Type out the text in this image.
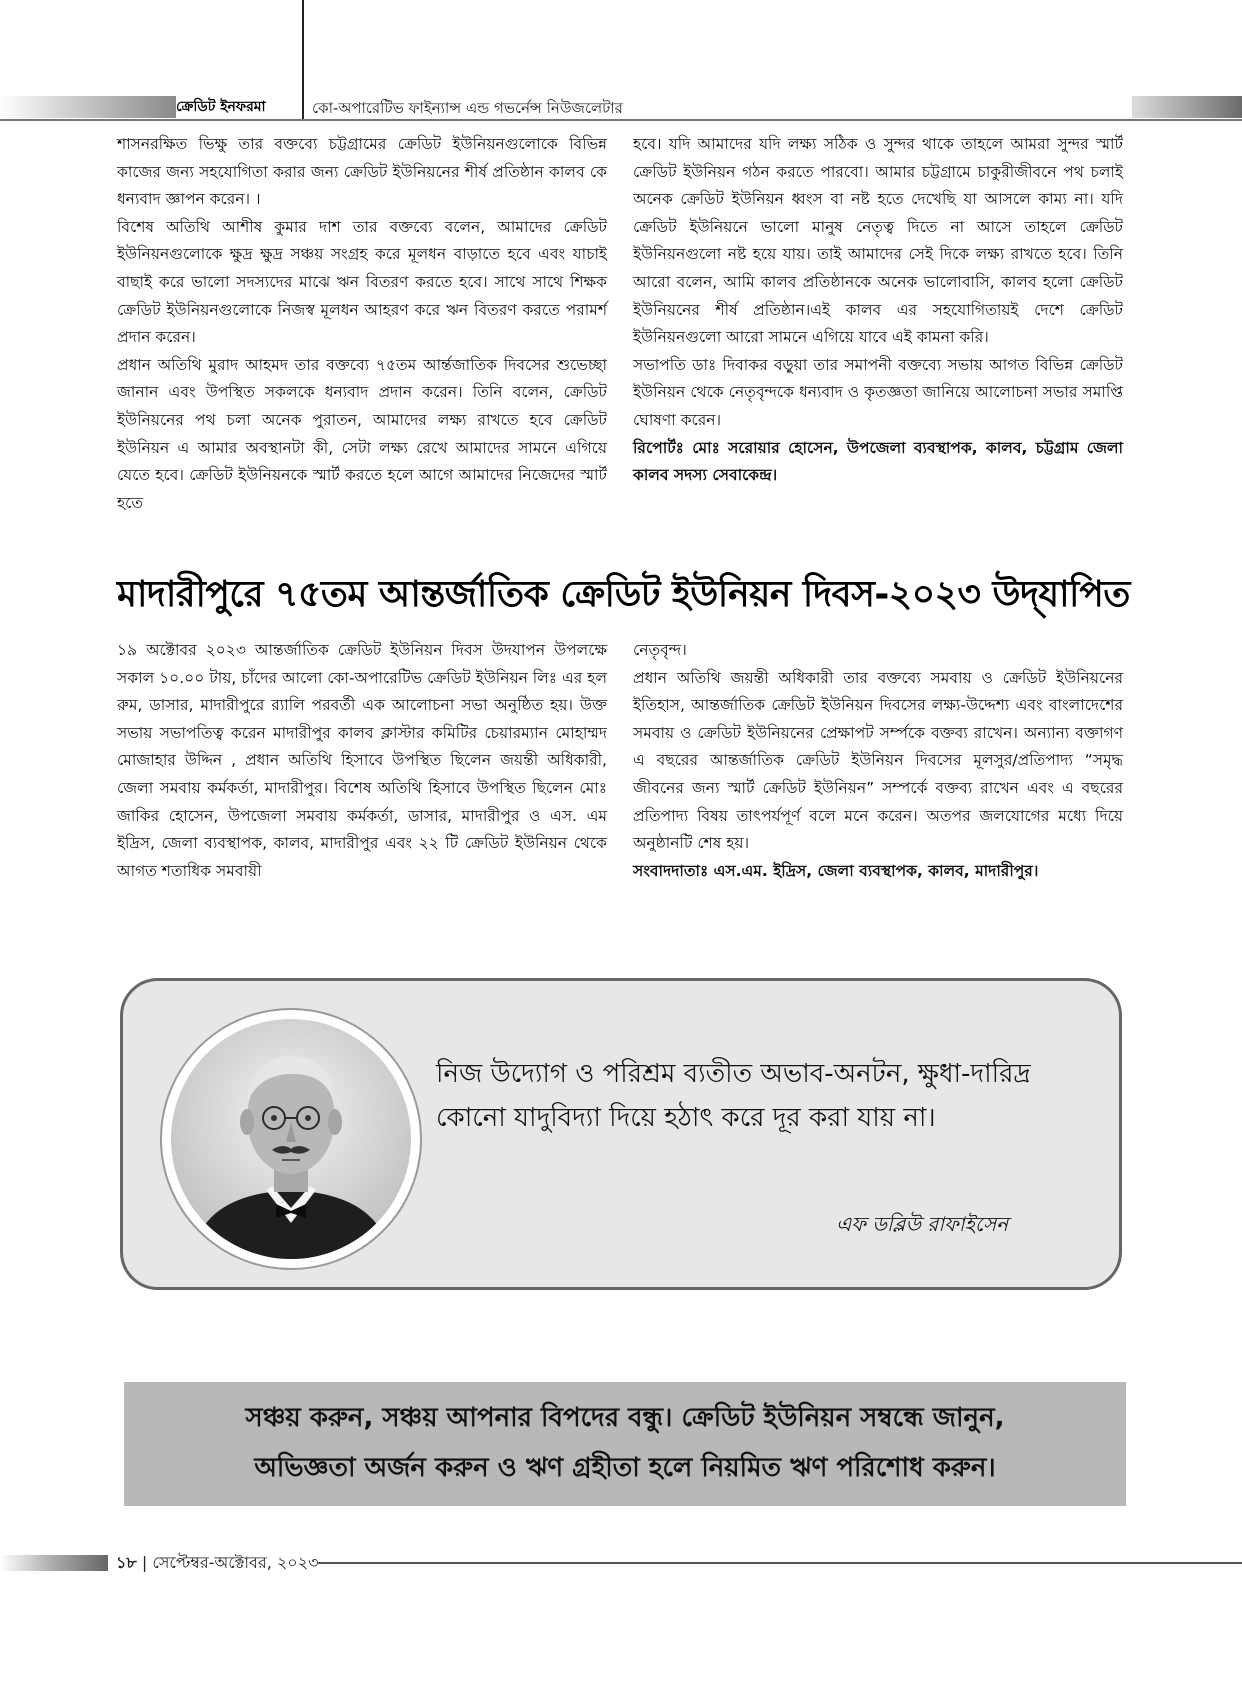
ক্রেডিট ইনফরমা	কো-অপারেটিভ ফাইন্যান্স এন্ড গভর্নেন্স নিউজলেটার

শাসনরক্ষিত ভিক্ষু তার বক্তব্যে চট্টগ্রামের ক্রেডিট ইউনিয়নগুলোকে বিভিন্ন কাজের জন্য সহযোগিতা করার জন্য ক্রেডিট ইউনিয়নের শীর্ষ প্রতিষ্ঠান কালব কে ধন্যবাদ জ্ঞাপন করেন। ।

বিশেষ অতিথি আশীষ কুমার দাশ তার বক্তব্যে বলেন, আমাদের ক্রেডিট ইউনিয়নগুলোকে ক্ষুদ্র ক্ষুদ্র সঞ্চয় সংগ্রহ করে মূলধন বাড়াতে হবে এবং যাচাই বাছাই করে ভালো সদস্যদের মাঝে ঋন বিতরণ করতে হবে। সাথে সাথে শিক্ষক ক্রেডিট ইউনিয়নগুলোকে নিজস্ব মূলধন আহরণ করে ঋন বিতরণ করতে পরামর্শ প্রদান করেন।

প্রধান অতিথি মুরাদ আহমদ তার বক্তব্যে ৭৫তম আর্ন্তজাতিক দিবসের শুভেচ্ছা জানান এবং উপস্থিত সকলকে ধন্যবাদ প্রদান করেন। তিনি বলেন, ক্রেডিট ইউনিয়নের পথ চলা অনেক পুরাতন, আমাদের লক্ষ্য রাখতে হবে ক্রেডিট ইউনিয়ন এ আমার অবস্থানটা কী, সেটা লক্ষ্য রেখে আমাদের সামনে এগিয়ে যেতে হবে। ক্রেডিট ইউনিয়নকে স্মার্ট করতে হলে আগে আমাদের নিজেদের স্মার্ট হতে

হবে। যদি আমাদের যদি লক্ষ্য সঠিক ও সুন্দর থাকে তাহলে আমরা সুন্দর স্মার্ট ক্রেডিট ইউনিয়ন গঠন করতে পারবো। আমার চট্টগ্রামে চাকুরীজীবনে পথ চলাই অনেক ক্রেডিট ইউনিয়ন ধ্বংস বা নষ্ট হতে দেখেছি যা আসলে কাম্য না। যদি ক্রেডিট ইউনিয়নে ভালো মানুষ নেতৃত্ব দিতে না আসে তাহলে ক্রেডিট ইউনিয়নগুলো নষ্ট হয়ে যায়। তাই আমাদের সেই দিকে লক্ষ্য রাখতে হবে। তিনি আরো বলেন, আমি কালব প্রতিষ্ঠানকে অনেক ভালোবাসি, কালব হলো ক্রেডিট ইউনিয়নের শীর্ষ প্রতিষ্ঠান।এই কালব এর সহযোগিতায়ই দেশে ক্রেডিট ইউনিয়নগুলো আরো সামনে এগিয়ে যাবে এই কামনা করি।

সভাপতি ডাঃ দিবাকর বড়ুয়া তার সমাপনী বক্তব্যে সভায় আগত বিভিন্ন ক্রেডিট ইউনিয়ন থেকে নেতৃবৃন্দকে ধন্যবাদ ও কৃতজ্ঞতা জানিয়ে আলোচনা সভার সমাপ্তি ঘোষণা করেন।

রিপোর্টঃ মোঃ সরোয়ার হোসেন, উপজেলা ব্যবস্থাপক, কালব, চট্টগ্রাম জেলা কালব সদস্য সেবাকেন্দ্র।

মাদারীপুরে ৭৫তম আন্তর্জাতিক ক্রেডিট ইউনিয়ন দিবস-২০২৩ উদ্‌যাপিত

১৯ অক্টোবর ২০২৩ আন্তর্জাতিক ক্রেডিট ইউনিয়ন দিবস উদযাপন উপলক্ষে সকাল ১০.০০ টায়, চাঁদের আলো কো-অপারেটিভ ক্রেডিট ইউনিয়ন লিঃ এর হল রুম, ডাসার, মাদারীপুরে র‍্যালি পরবর্তী এক আলোচনা সভা অনুষ্ঠিত হয়। উক্ত সভায় সভাপতিত্ব করেন মাদারীপুর কালব ক্লাস্টার কমিটির চেয়ারম্যান মোহাম্মদ মোজাহার উদ্দিন , প্রধান অতিথি হিসাবে উপস্থিত ছিলেন জয়ন্তী অধিকারী, জেলা সমবায় কর্মকর্তা, মাদারীপুর। বিশেষ অতিথি হিসাবে উপস্থিত ছিলেন মোঃ জাকির হোসেন, উপজেলা সমবায় কর্মকর্তা, ডাসার, মাদারীপুর ও এস. এম ইদ্রিস, জেলা ব্যবস্থাপক, কালব, মাদারীপুর এবং ২২ টি ক্রেডিট ইউনিয়ন থেকে আগত শতাধিক সমবায়ী

নেতৃবৃন্দ।

প্রধান অতিথি জয়ন্তী অধিকারী তার বক্তব্যে সমবায় ও ক্রেডিট ইউনিয়নের ইতিহাস, আন্তর্জাতিক ক্রেডিট ইউনিয়ন দিবসের লক্ষ্য-উদ্দেশ্য এবং বাংলাদেশের সমবায় ও ক্রেডিট ইউনিয়নের প্রেক্ষাপট সর্ম্পকে বক্তব্য রাখেন। অন্যান্য বক্তাগণ এ বছরের আন্তর্জাতিক ক্রেডিট ইউনিয়ন দিবসের মূলসুর/প্রতিপাদ্য “সমৃদ্ধ জীবনের জন্য স্মার্ট ক্রেডিট ইউনিয়ন” সম্পর্কে বক্তব্য রাখেন এবং এ বছরের প্রতিপাদ্য বিষয় তাৎপর্যপূর্ণ বলে মনে করেন। অতপর জলযোগের মধ্যে দিয়ে অনুষ্ঠানটি শেষ হয়।

সংবাদদাতাঃ এস.এম. ইদ্রিস, জেলা ব্যবস্থাপক, কালব, মাদারীপুর।

নিজ উদ্যোগ ও পরিশ্রম ব্যতীত অভাব-অনটন, ক্ষুধা-দারিদ্র কোনো যাদুবিদ্যা দিয়ে হঠাৎ করে দূর করা যায় না।
এফ ডব্লিউ রাফাইসেন
সঞ্চয় করুন, সঞ্চয় আপনার বিপদের বন্ধু। ক্রেডিট ইউনিয়ন সম্বন্ধে জানুন,
অভিজ্ঞতা অর্জন করুন ও ঋণ গ্রহীতা হলে নিয়মিত ঋণ পরিশোধ করুন।
১৮ | সেপ্টেম্বর-অক্টোবর, ২০২৩
